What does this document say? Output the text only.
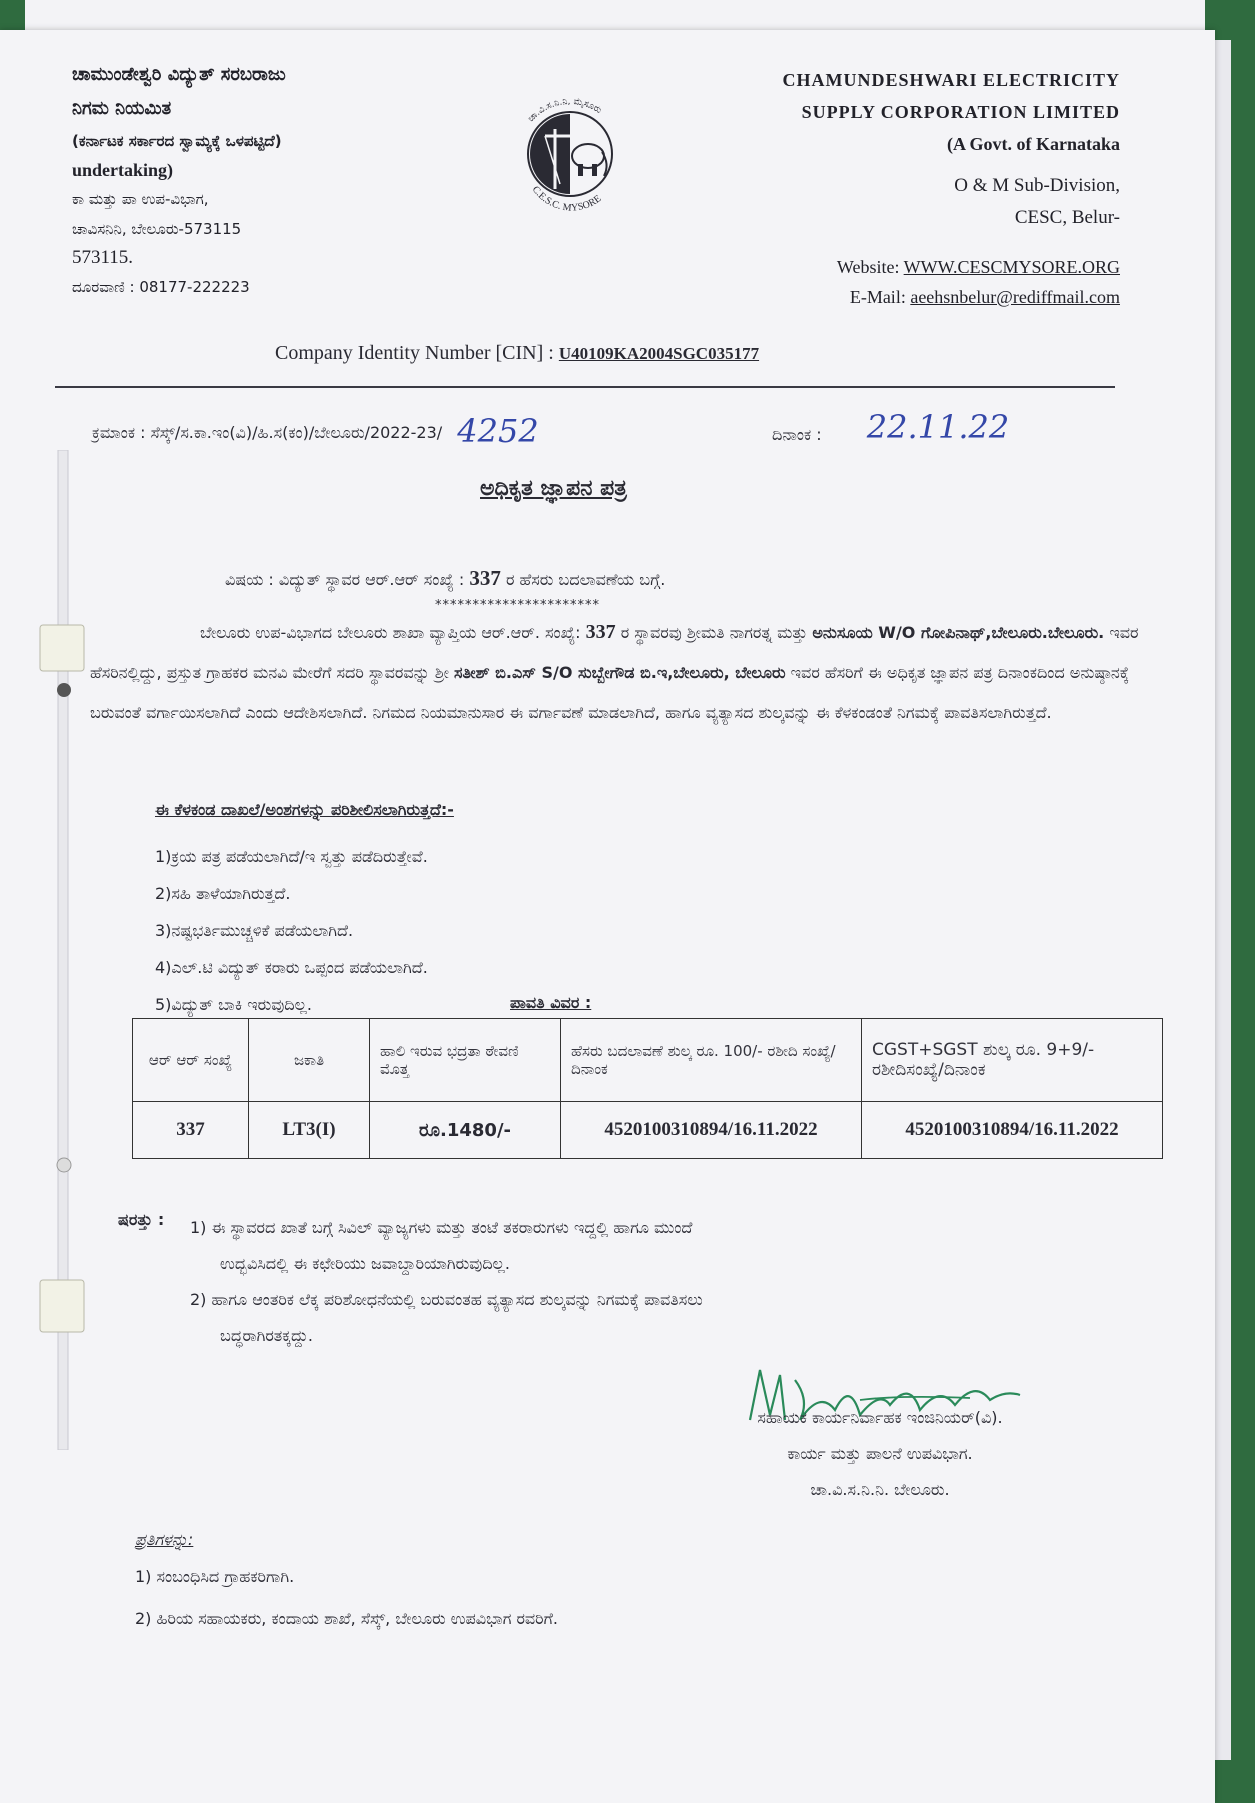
ಚಾಮುಂಡೇಶ್ವರಿ ವಿದ್ಯುತ್ ಸರಬರಾಜು
ನಿಗಮ ನಿಯಮಿತ
(ಕರ್ನಾಟಕ ಸರ್ಕಾರದ ಸ್ವಾಮ್ಯಕ್ಕೆ ಒಳಪಟ್ಟಿದೆ)
undertaking)
ಕಾ ಮತ್ತು ಪಾ ಉಪ-ವಿಭಾಗ,
ಚಾವಿಸನಿನಿ, ಬೇಲೂರು-573115
573115.
ದೂರವಾಣಿ : 08177-222223
ಚಾ.ವಿ.ಸ.ನಿ.ನಿ, ಮೈಸೂರು
C.E.S.C. MYSORE
CHAMUNDESHWARI ELECTRICITY
SUPPLY CORPORATION LIMITED
(A Govt. of Karnataka
O & M Sub-Division,
CESC, Belur-
Website: WWW.CESCMYSORE.ORG
E-Mail: aeehsnbelur@rediffmail.com
Company Identity Number [CIN] : U40109KA2004SGC035177
ಕ್ರಮಾಂಕ : ಸೆಸ್ಕ್/ಸ.ಕಾ.ಇಂ(ವಿ)/ಹಿ.ಸ(ಕಂ)/ಬೇಲೂರು/2022-23/ 4252	ದಿನಾಂಕ : 22.11.22
ಅಧಿಕೃತ ಜ್ಞಾಪನ ಪತ್ರ
ವಿಷಯ : ವಿದ್ಯುತ್ ಸ್ಥಾವರ ಆರ್.ಆರ್ ಸಂಖ್ಯೆ : 337 ರ ಹೆಸರು ಬದಲಾವಣೆಯ ಬಗ್ಗೆ.
**********************
ಬೇಲೂರು ಉಪ-ವಿಭಾಗದ ಬೇಲೂರು ಶಾಖಾ ವ್ಯಾಪ್ತಿಯ ಆರ್.ಆರ್. ಸಂಖ್ಯೆ: 337 ರ ಸ್ಥಾವರವು ಶ್ರೀಮತಿ ನಾಗರತ್ನ ಮತ್ತು ಅನುಸೂಯ W/O ಗೋಪಿನಾಥ್,ಬೇಲೂರು.ಬೇಲೂರು. ಇವರ ಹೆಸರಿನಲ್ಲಿದ್ದು, ಪ್ರಸ್ತುತ ಗ್ರಾಹಕರ ಮನವಿ ಮೇರೆಗೆ ಸದರಿ ಸ್ಥಾವರವನ್ನು ಶ್ರೀ ಸತೀಶ್ ಬಿ.ಎಸ್ S/O ಸುಬ್ಬೇಗೌಡ ಬಿ.ಇ,ಬೇಲೂರು, ಬೇಲೂರು ಇವರ ಹೆಸರಿಗೆ ಈ ಅಧಿಕೃತ ಜ್ಞಾಪನ ಪತ್ರ ದಿನಾಂಕದಿಂದ ಅನುಷ್ಠಾನಕ್ಕೆ ಬರುವಂತೆ ವರ್ಗಾಯಿಸಲಾಗಿದೆ ಎಂದು ಆದೇಶಿಸಲಾಗಿದೆ. ನಿಗಮದ ನಿಯಮಾನುಸಾರ ಈ ವರ್ಗಾವಣೆ ಮಾಡಲಾಗಿದೆ, ಹಾಗೂ ವ್ಯತ್ಯಾಸದ ಶುಲ್ಕವನ್ನು ಈ ಕೆಳಕಂಡಂತೆ ನಿಗಮಕ್ಕೆ ಪಾವತಿಸಲಾಗಿರುತ್ತದೆ.
ಈ ಕೆಳಕಂಡ ದಾಖಲೆ/ಅಂಶಗಳನ್ನು ಪರಿಶೀಲಿಸಲಾಗಿರುತ್ತದೆ:-
1)ಕ್ರಯ ಪತ್ರ ಪಡೆಯಲಾಗಿದೆ/ಇ ಸ್ವತ್ತು ಪಡೆದಿರುತ್ತೇವೆ.
2)ಸಹಿ ತಾಳೆಯಾಗಿರುತ್ತದೆ.
3)ನಷ್ಟಭರ್ತಿಮುಚ್ಚಳಿಕೆ ಪಡೆಯಲಾಗಿದೆ.
4)ಎಲ್.ಟಿ ವಿದ್ಯುತ್ ಕರಾರು ಒಪ್ಪಂದ ಪಡೆಯಲಾಗಿದೆ.
5)ವಿದ್ಯುತ್ ಬಾಕಿ ಇರುವುದಿಲ್ಲ.	ಪಾವತಿ ವಿವರ :
ಆರ್ ಆರ್ ಸಂಖ್ಯೆ	ಜಕಾತಿ	ಹಾಲಿ ಇರುವ ಭದ್ರತಾ ಠೇವಣಿ ಮೊತ್ತ	ಹೆಸರು ಬದಲಾವಣೆ ಶುಲ್ಕ ರೂ. 100/- ರಶೀದಿ ಸಂಖ್ಯೆ/ದಿನಾಂಕ	CGST+SGST ಶುಲ್ಕ ರೂ. 9+9/- ರಶೀದಿಸಂಖ್ಯೆ/ದಿನಾಂಕ
337	LT3(I)	ರೂ.1480/-	4520100310894/16.11.2022	4520100310894/16.11.2022
ಷರತ್ತು : 1) ಈ ಸ್ಥಾವರದ ಖಾತೆ ಬಗ್ಗೆ ಸಿವಿಲ್ ವ್ಯಾಜ್ಯಗಳು ಮತ್ತು ತಂಟೆ ತಕರಾರುಗಳು ಇದ್ದಲ್ಲಿ ಹಾಗೂ ಮುಂದೆ
ಉದ್ಭವಿಸಿದಲ್ಲಿ ಈ ಕಛೇರಿಯು ಜವಾಬ್ದಾರಿಯಾಗಿರುವುದಿಲ್ಲ.
2) ಹಾಗೂ ಆಂತರಿಕ ಲೆಕ್ಕ ಪರಿಶೋಧನೆಯಲ್ಲಿ ಬರುವಂತಹ ವ್ಯತ್ಯಾಸದ ಶುಲ್ಕವನ್ನು ನಿಗಮಕ್ಕೆ ಪಾವತಿಸಲು
ಬದ್ಧರಾಗಿರತಕ್ಕದ್ದು.
ಸಹಾಯಕ ಕಾರ್ಯನಿರ್ವಾಹಕ ಇಂಜಿನಿಯರ್(ವಿ).
ಕಾರ್ಯ ಮತ್ತು ಪಾಲನೆ ಉಪವಿಭಾಗ.
ಚಾ.ವಿ.ಸ.ನಿ.ನಿ. ಬೇಲೂರು.
ಪ್ರತಿಗಳನ್ನು:
1) ಸಂಬಂಧಿಸಿದ ಗ್ರಾಹಕರಿಗಾಗಿ.
2) ಹಿರಿಯ ಸಹಾಯಕರು, ಕಂದಾಯ ಶಾಖೆ, ಸೆಸ್ಕ್, ಬೇಲೂರು ಉಪವಿಭಾಗ ರವರಿಗೆ.
